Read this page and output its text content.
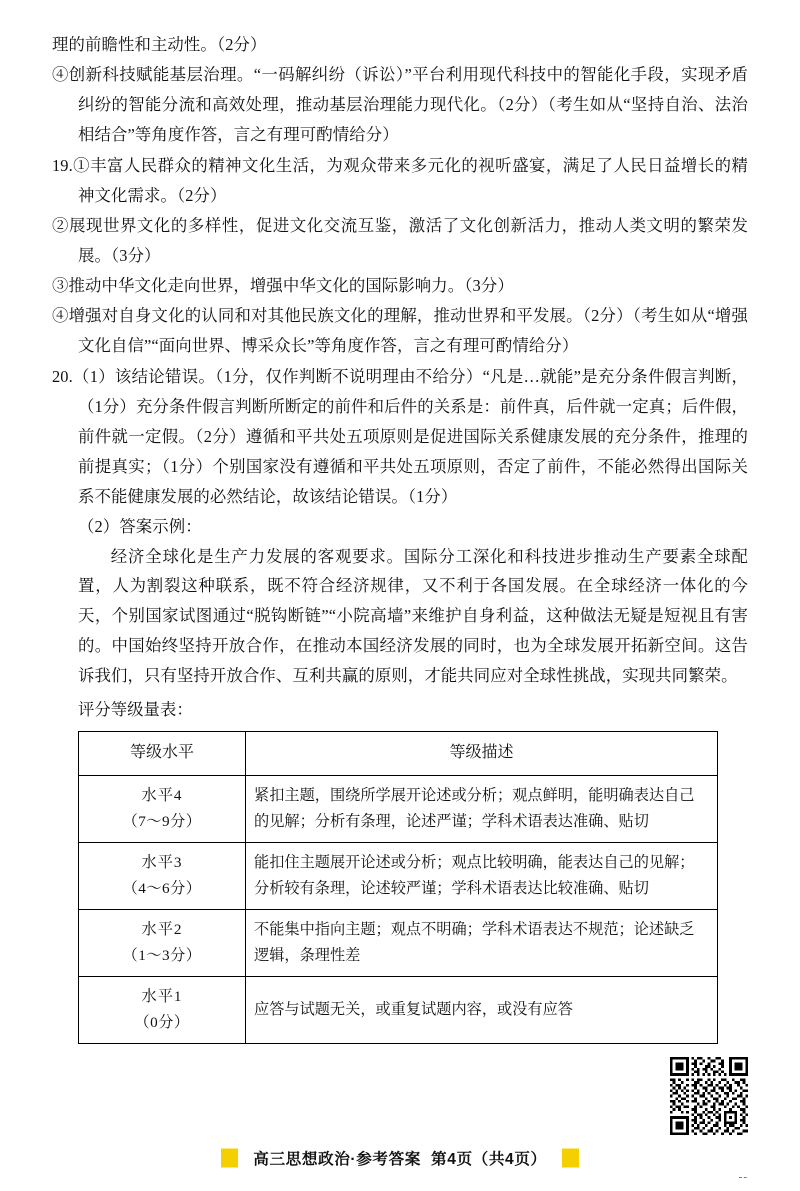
理的前瞻性和主动性。（2分）
④创新科技赋能基层治理。“一码解纠纷（诉讼）”平台利用现代科技中的智能化手段，实现矛盾纠纷的智能分流和高效处理，推动基层治理能力现代化。（2分）（考生如从“坚持自治、法治相结合”等角度作答，言之有理可酌情给分）
19.①丰富人民群众的精神文化生活，为观众带来多元化的视听盛宴，满足了人民日益增长的精神文化需求。（2分）
②展现世界文化的多样性，促进文化交流互鉴，激活了文化创新活力，推动人类文明的繁荣发展。（3分）
③推动中华文化走向世界，增强中华文化的国际影响力。（3分）
④增强对自身文化的认同和对其他民族文化的理解，推动世界和平发展。（2分）（考生如从“增强文化自信”“面向世界、博采众长”等角度作答，言之有理可酌情给分）
20.（1）该结论错误。（1分，仅作判断不说明理由不给分）“凡是…就能”是充分条件假言判断，（1分）充分条件假言判断所断定的前件和后件的关系是：前件真，后件就一定真；后件假，前件就一定假。（2分）遵循和平共处五项原则是促进国际关系健康发展的充分条件，推理的前提真实；（1分）个别国家没有遵循和平共处五项原则，否定了前件，不能必然得出国际关系不能健康发展的必然结论，故该结论错误。（1分）
（2）答案示例：
经济全球化是生产力发展的客观要求。国际分工深化和科技进步推动生产要素全球配置，人为割裂这种联系，既不符合经济规律，又不利于各国发展。在全球经济一体化的今天，个别国家试图通过“脱钩断链”“小院高墙”来维护自身利益，这种做法无疑是短视且有害的。中国始终坚持开放合作，在推动本国经济发展的同时，也为全球发展开拓新空间。这告诉我们，只有坚持开放合作、互利共赢的原则，才能共同应对全球性挑战，实现共同繁荣。
评分等级量表：
等级水平	等级描述

水平4
（7～9分）	紧扣主题，围绕所学展开论述或分析；观点鲜明，能明确表达自己的见解；分析有条理，论述严谨；学科术语表达准确、贴切

水平3
（4～6分）	能扣住主题展开论述或分析；观点比较明确，能表达自己的见解；分析较有条理，论述较严谨；学科术语表达比较准确、贴切

水平2
（1～3分）	不能集中指向主题；观点不明确；学科术语表达不规范；论述缺乏逻辑，条理性差

水平1
（0分）	应答与试题无关，或重复试题内容，或没有应答
高三思想政治·参考答案 第4页（共4页）
--
